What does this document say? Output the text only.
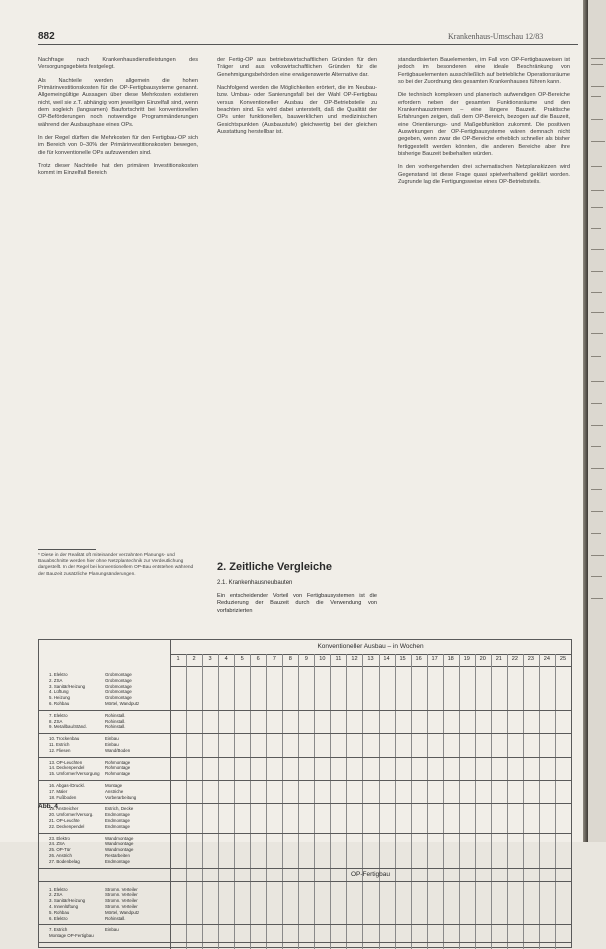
882	Krankenhaus-Umschau 12/83

Nachfrage nach Krankenhausdienstleistungen des Versorgungsgebiets festgelegt.

Als Nachteile werden allgemein die hohen Primärinvestitionskosten für die OP-Fertigbausysteme genannt. Allgemeingültige Aussagen über diese Mehrkosten existieren nicht, weil sie z.T. abhängig vom jeweiligen Einzelfall sind, wenn dem sogleich (langsamen) Baufortschritt bei konventionellen OP-Beförderungen noch notwendige Programmänderungen während der Ausbauphase eines OPs.

In der Regel dürften die Mehrkosten für den Fertigbau-OP sich im Bereich von 0–30% der Primärinvestitionskosten bewegen, die für konventionelle OPs aufzuwenden sind.

Trotz dieser Nachteile hat den primären Investitionskosten kommt im Einzelfall Bereich

der Fertig-OP aus betriebswirtschaftlichen Gründen für den Träger und aus volkswirtschaftlichen Gründen für die Genehmigungsbehörden eine erwägenswerte Alternative dar.

Nachfolgend werden die Möglichkeiten erörtert, die im Neubau- bzw. Umbau- oder Sanierungsfall bei der Wahl OP-Fertigbau versus Konventioneller Ausbau der OP-Betriebsteile zu beachten sind. Es wird dabei unterstellt, daß die Qualität der OPs unter funktionellen, bauwerklichen und medizinischen Gesichtspunkten (Ausbaustufe) gleichwertig bei der gleichen Ausstattung herstellbar ist.

standardisierten Bauelementen, im Fall von OP-Fertigbauweisen ist jedoch im besonderen eine ideale Beschränkung von Fertigbauelementen ausschließlich auf betriebliche Operationsräume so bei der Zuordnung des gesamten Krankenhauses führen kann.

Die technisch komplexen und planerisch aufwendigen OP-Bereiche erfordern neben der gesamten Funktionsräume und den Krankenhauszimmern – eine längere Bauzeit. Praktische Erfahrungen zeigen, daß dem OP-Bereich, bezogen auf die Bauzeit, eine Orientierungs- und Maßgebfunktion zukommt. Die positiven Auswirkungen der OP-Fertigbausysteme wären demnach nicht gegeben, wenn zwar die OP-Bereiche erheblich schneller als bisher fertiggestellt werden könnten, die anderen Bereiche aber ihre bisherige Bauzeit beibehalten würden.

In den vorhergehenden drei schematischen Netzplanskizzen wird Gegenstand ist diese Frage quasi spielverhaltend geklärt worden. Zugrunde lag die Fertigungsweise eines OP-Betriebsteils.

* Diese in der Realität oft miteinander verzahnten Planungs- und Bauabschnitte werden hier ohne Netzplantechnik zur Verdeutlichung dargestellt. In der Regel bei konventionellem OP-Bau entstehen während der Bauzeit zusätzliche Planungsänderungen.
2. Zeitliche Vergleiche
2.1. Krankenhausneubauten
Ein entscheidender Vorteil von Fertigbausystemen ist die Reduzierung der Bauzeit durch die Verwendung von vorfabrizierten
Konventioneller Ausbau – in Wochen
1	2	3	4	5	6	7	8	9	10	11	12	13	14	15	16	17	18	19	20	21	22	23	24	25
1. Elektro	Grobmontage
2. ZSA	Grobmontage
3. Sanitär/Heizung	Grobmontage
4. Lüftung	Grobmontage
5. Heizung	Grobmontage
6. Rohbau	Mörtel, Wandputz
7. Elektro	Rohinstall.
8. ZSA	Rohinstall.
9. Metallbau/Ständ.	Rohinstall.
10. Trockenbau	Einbau
11. Estrich	Einbau
12. Fliesen	Wand/Boden
13. OP-Leuchten	Rohmontage
14. Deckenpendel	Rohmontage
15. Umformer/Versorgung Rohmontage
16. Abgas-/Druckl.	Montage
17. Maler	Anstriche
18. Fußboden	Vorberarbeitung
19. Anstreicher	Estrich, Decke
20. Umformer/Versorg.	Endmontage
21. OP-Leuchte	Endmontage
22. Deckenpendel	Endmontage
23. Elektro	Wandmontage
24. ZSA	Wandmontage
25. OP-Tür	Wandmontage
26. Anstrich	Restarbeiten
27. Bodenbelag	Endmontage
OP-Fertigbau
1. Elektro	Stromn. Verteiler
2. ZSA	Stromn. Verteiler
3. Sanitär/Heizung	Stromn. Verteiler
4. Innenlüftung	Stromn. Verteiler
5. Rohbau	Mörtel, Wandputz
6. Elektro	Rohinstall.
7. Estrich	Einbau
Montage OP-Fertigbau
Abb. 4
